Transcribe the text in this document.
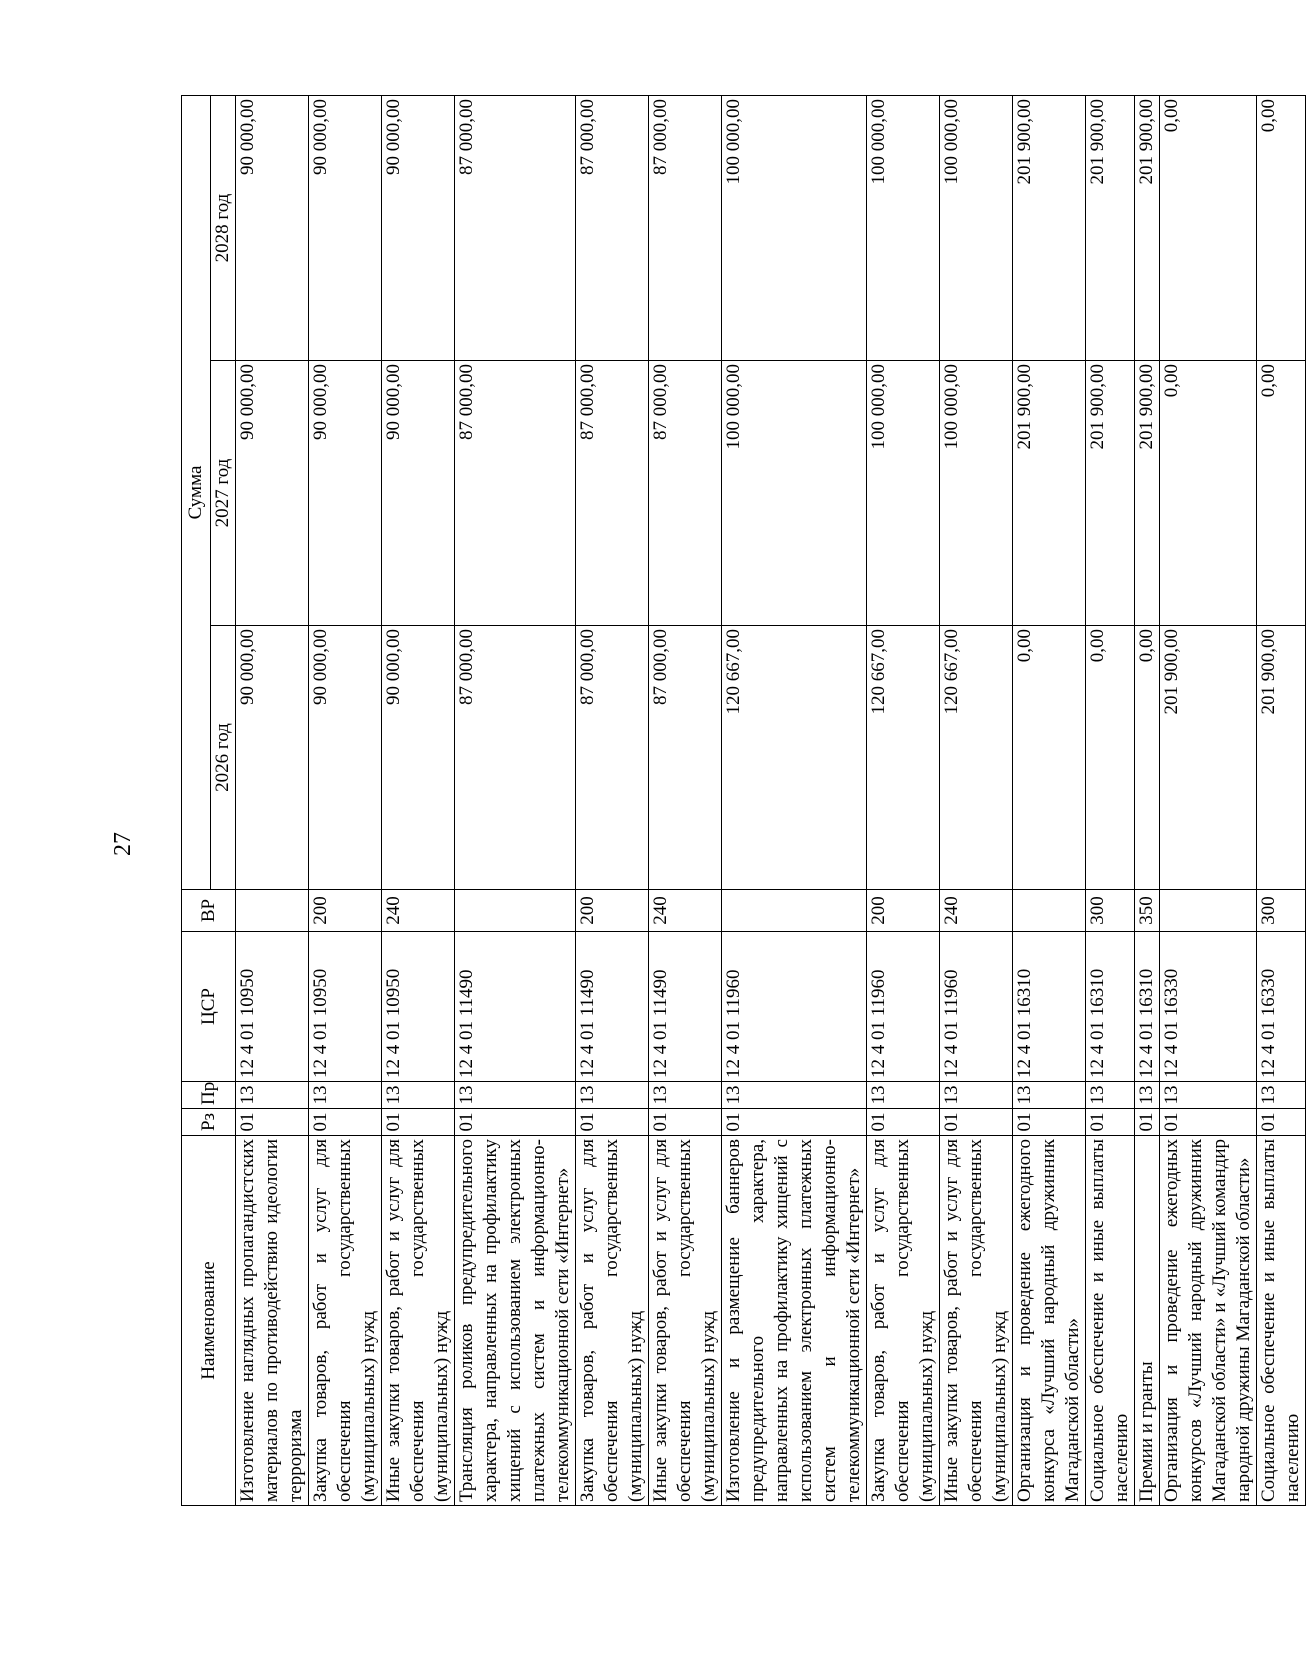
27
Наименование	Рз	Пр	ЦСР	ВР	Сумма		
					2026 год	2027 год	2028 год
Изготовление наглядных пропагандистских материалов по противодействию идеологии терроризма	01	13	12 4 01 10950		90 000,00	90 000,00	90 000,00
Закупка товаров, работ и услуг для обеспечения государственных (муниципальных) нужд	01	13	12 4 01 10950	200	90 000,00	90 000,00	90 000,00
Иные закупки товаров, работ и услуг для обеспечения государственных (муниципальных) нужд	01	13	12 4 01 10950	240	90 000,00	90 000,00	90 000,00
Трансляция роликов предупредительного характера, направленных на профилактику хищений с использованием электронных платежных систем и информационно-телекоммуникационной сети «Интернет»	01	13	12 4 01 11490		87 000,00	87 000,00	87 000,00
Закупка товаров, работ и услуг для обеспечения государственных (муниципальных) нужд	01	13	12 4 01 11490	200	87 000,00	87 000,00	87 000,00
Иные закупки товаров, работ и услуг для обеспечения государственных (муниципальных) нужд	01	13	12 4 01 11490	240	87 000,00	87 000,00	87 000,00
Изготовление и размещение баннеров предупредительного характера, направленных на профилактику хищений с использованием электронных платежных систем и информационно-телекоммуникационной сети «Интернет»	01	13	12 4 01 11960		120 667,00	100 000,00	100 000,00
Закупка товаров, работ и услуг для обеспечения государственных (муниципальных) нужд	01	13	12 4 01 11960	200	120 667,00	100 000,00	100 000,00
Иные закупки товаров, работ и услуг для обеспечения государственных (муниципальных) нужд	01	13	12 4 01 11960	240	120 667,00	100 000,00	100 000,00
Организация и проведение ежегодного конкурса «Лучший народный дружинник Магаданской области»	01	13	12 4 01 16310		0,00	201 900,00	201 900,00
Социальное обеспечение и иные выплаты населению	01	13	12 4 01 16310	300	0,00	201 900,00	201 900,00
Премии и гранты	01	13	12 4 01 16310	350	0,00	201 900,00	201 900,00
Организация и проведение ежегодных конкурсов «Лучший народный дружинник Магаданской области» и «Лучший командир народной дружины Магаданской области»	01	13	12 4 01 16330		201 900,00	0,00	0,00
Социальное обеспечение и иные выплаты населению	01	13	12 4 01 16330	300	201 900,00	0,00	0,00
